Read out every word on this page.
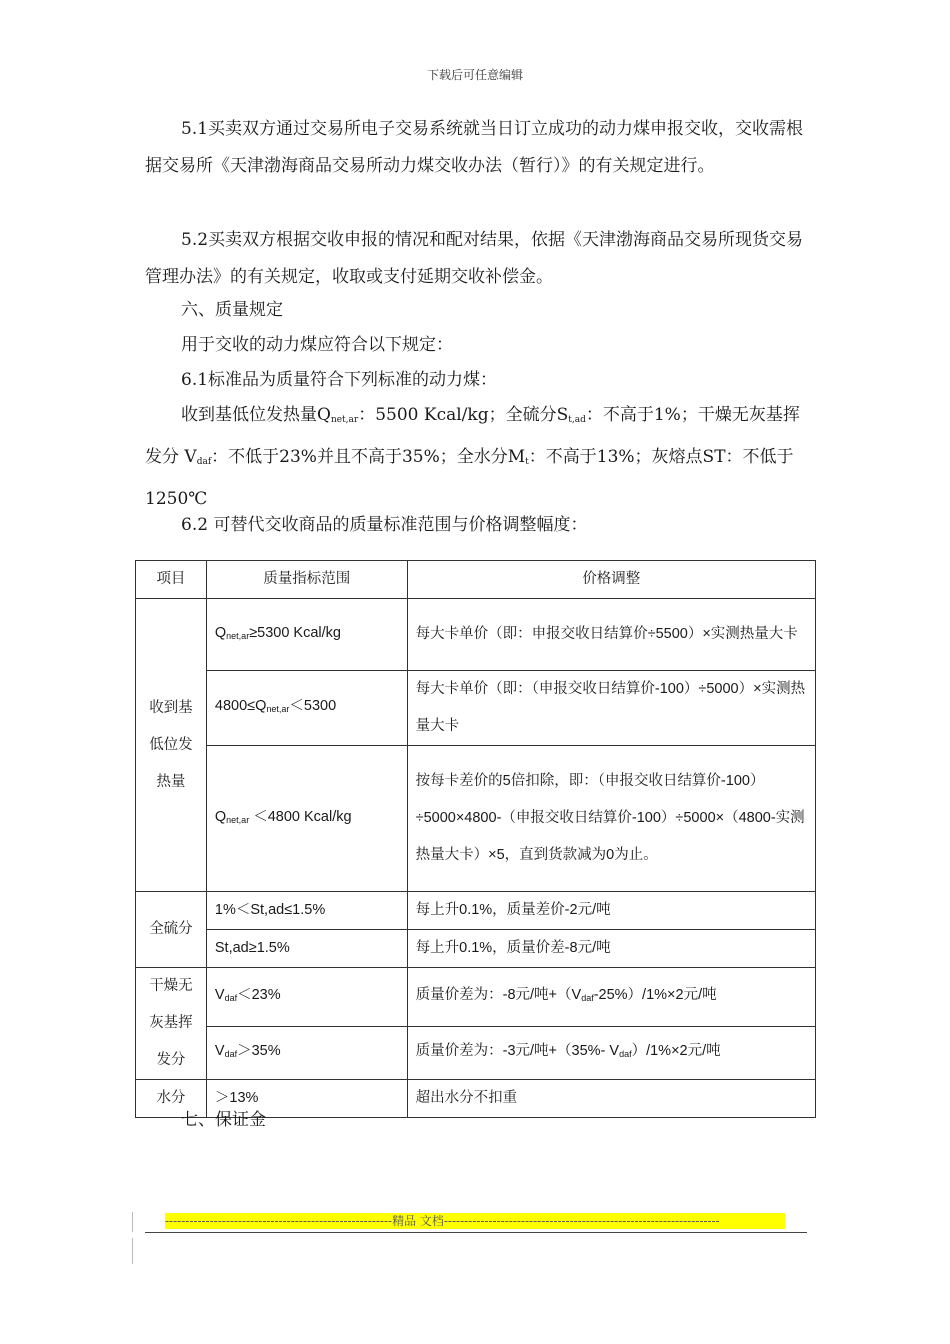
下载后可任意编辑
5.1买卖双方通过交易所电子交易系统就当日订立成功的动力煤申报交收，交收需根据交易所《天津渤海商品交易所动力煤交收办法（暂行）》的有关规定进行。
5.2买卖双方根据交收申报的情况和配对结果，依据《天津渤海商品交易所现货交易管理办法》的有关规定，收取或支付延期交收补偿金。
六、质量规定
用于交收的动力煤应符合以下规定：
6.1标准品为质量符合下列标准的动力煤：
收到基低位发热量$Q_{net,ar}$：5500 Kcal/kg；全硫分$S_{t,ad}$：不高于1%；干燥无灰基挥发分 $V_{daf}$：不低于23%并且不高于35%；全水分$M_t$：不高于13%；灰熔点ST：不低于1250℃
6.2 可替代交收商品的质量标准范围与价格调整幅度：
项目	质量指标范围	价格调整

收到基
低位发
热量	$Q_{net,ar}\ge 5300$ Kcal/kg	每大卡单价（即：申报交收日结算价÷5500）×实测热量大卡
	$4800\le Q_{net,ar}<5300$	每大卡单价（即：（申报交收日结算价-100）÷5000）×实测热量大卡
	$Q_{net,ar} <4800$ Kcal/kg	按每卡差价的5倍扣除，即：（申报交收日结算价-100）÷5000×4800-（申报交收日结算价-100）÷5000×（4800-实测热量大卡）×5，直到货款减为0为止。
全硫分	1%＜St,ad≤1.5%	每上升0.1%，质量差价-2元/吨
	St,ad≥1.5%	每上升0.1%，质量价差-8元/吨

干燥无
灰基挥
发分	$V_{daf}<23\%$	质量价差为：-8元/吨$+(V_{daf}-25\%)/1\%\times 2$元/吨
	$V_{daf}>35\%$	质量价差为：-3元/吨+（35%- $V_{daf})/1\%\times 2$元/吨
水分	＞13%	超出水分不扣重
七、保证金
--------------------------------------------------------精品 文档--------------------------------------------------------------------
